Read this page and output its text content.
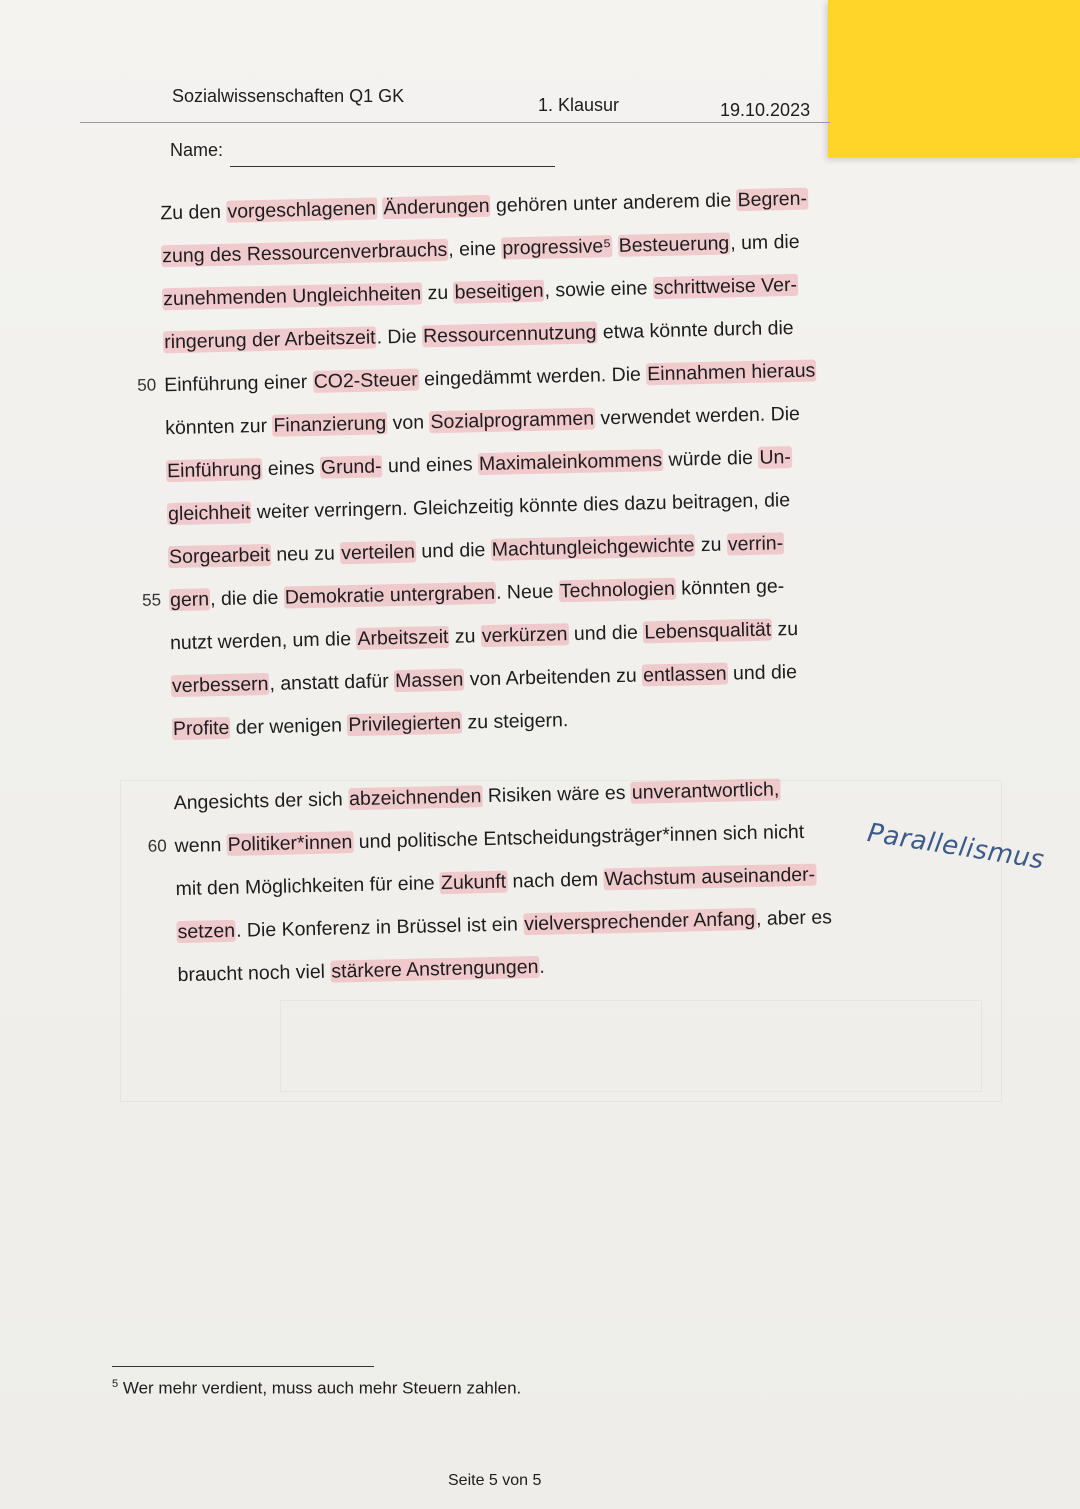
Sozialwissenschaften Q1 GK	1. Klausur	19.10.2023
Name:
Zu den vorgeschlagenen Änderungen gehören unter anderem die Begren-
zung des Ressourcenverbrauchs, eine progressive⁵ Besteuerung, um die
zunehmenden Ungleichheiten zu beseitigen, sowie eine schrittweise Ver-
ringerung der Arbeitszeit. Die Ressourcennutzung etwa könnte durch die
50 Einführung einer CO2-Steuer eingedämmt werden. Die Einnahmen hieraus
könnten zur Finanzierung von Sozialprogrammen verwendet werden. Die
Einführung eines Grund- und eines Maximaleinkommens würde die Un-
gleichheit weiter verringern. Gleichzeitig könnte dies dazu beitragen, die
Sorgearbeit neu zu verteilen und die Machtungleichgewichte zu verrin-
55 gern, die die Demokratie untergraben. Neue Technologien könnten ge-
nutzt werden, um die Arbeitszeit zu verkürzen und die Lebensqualität zu
verbessern, anstatt dafür Massen von Arbeitenden zu entlassen und die
Profite der wenigen Privilegierten zu steigern.
Angesichts der sich abzeichnenden Risiken wäre es unverantwortlich,
60 wenn Politiker*innen und politische Entscheidungsträger*innen sich nicht
mit den Möglichkeiten für eine Zukunft nach dem Wachstum auseinander-
setzen. Die Konferenz in Brüssel ist ein vielversprechender Anfang, aber es
braucht noch viel stärkere Anstrengungen.
Parallelismus
$^5$ Wer mehr verdient, muss auch mehr Steuern zahlen.
Seite 5 von 5
